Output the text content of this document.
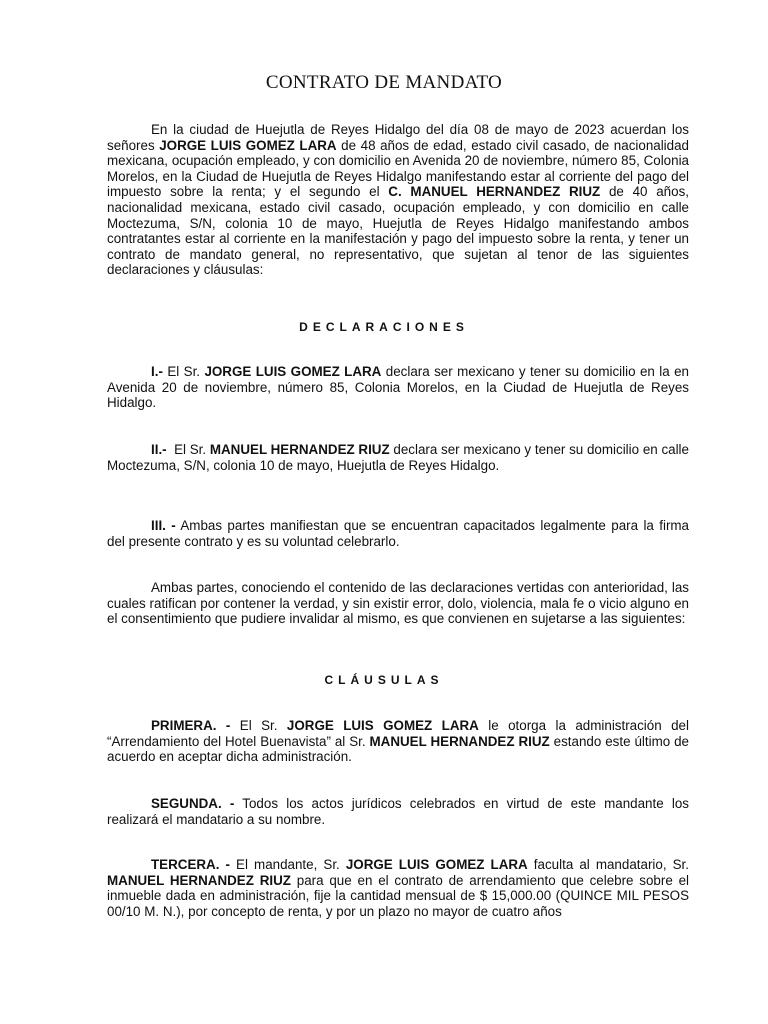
CONTRATO DE MANDATO

En la ciudad de Huejutla de Reyes Hidalgo del día 08 de mayo de 2023 acuerdan los señores JORGE LUIS GOMEZ LARA de 48 años de edad, estado civil casado, de nacionalidad mexicana, ocupación empleado, y con domicilio en Avenida 20 de noviembre, número 85, Colonia Morelos, en la Ciudad de Huejutla de Reyes Hidalgo manifestando estar al corriente del pago del impuesto sobre la renta; y el segundo el C. MANUEL HERNANDEZ RIUZ de 40 años, nacionalidad mexicana, estado civil casado, ocupación empleado, y con domicilio en calle Moctezuma, S/N, colonia 10 de mayo, Huejutla de Reyes Hidalgo manifestando ambos contratantes estar al corriente en la manifestación y pago del impuesto sobre la renta, y tener un contrato de mandato general, no representativo, que sujetan al tenor de las siguientes declaraciones y cláusulas:

DECLARACIONES

I.- El Sr. JORGE LUIS GOMEZ LARA declara ser mexicano y tener su domicilio en la en Avenida 20 de noviembre, número 85, Colonia Morelos, en la Ciudad de Huejutla de Reyes Hidalgo.

II.-  El Sr. MANUEL HERNANDEZ RIUZ declara ser mexicano y tener su domicilio en calle Moctezuma, S/N, colonia 10 de mayo, Huejutla de Reyes Hidalgo.

III. - Ambas partes manifiestan que se encuentran capacitados legalmente para la firma del presente contrato y es su voluntad celebrarlo.

Ambas partes, conociendo el contenido de las declaraciones vertidas con anterioridad, las cuales ratifican por contener la verdad, y sin existir error, dolo, violencia, mala fe o vicio alguno en el consentimiento que pudiere invalidar al mismo, es que convienen en sujetarse a las siguientes:

CLÁUSULAS

PRIMERA. - El Sr. JORGE LUIS GOMEZ LARA le otorga la administración del “Arrendamiento del Hotel Buenavista” al Sr. MANUEL HERNANDEZ RIUZ estando este último de acuerdo en aceptar dicha administración.

SEGUNDA. - Todos los actos jurídicos celebrados en virtud de este mandante los realizará el mandatario a su nombre.

TERCERA. - El mandante, Sr. JORGE LUIS GOMEZ LARA faculta al mandatario, Sr. MANUEL HERNANDEZ RIUZ para que en el contrato de arrendamiento que celebre sobre el inmueble dada en administración, fije la cantidad mensual de $ 15,000.00 (QUINCE MIL PESOS 00/10 M. N.), por concepto de renta, y por un plazo no mayor de cuatro años
